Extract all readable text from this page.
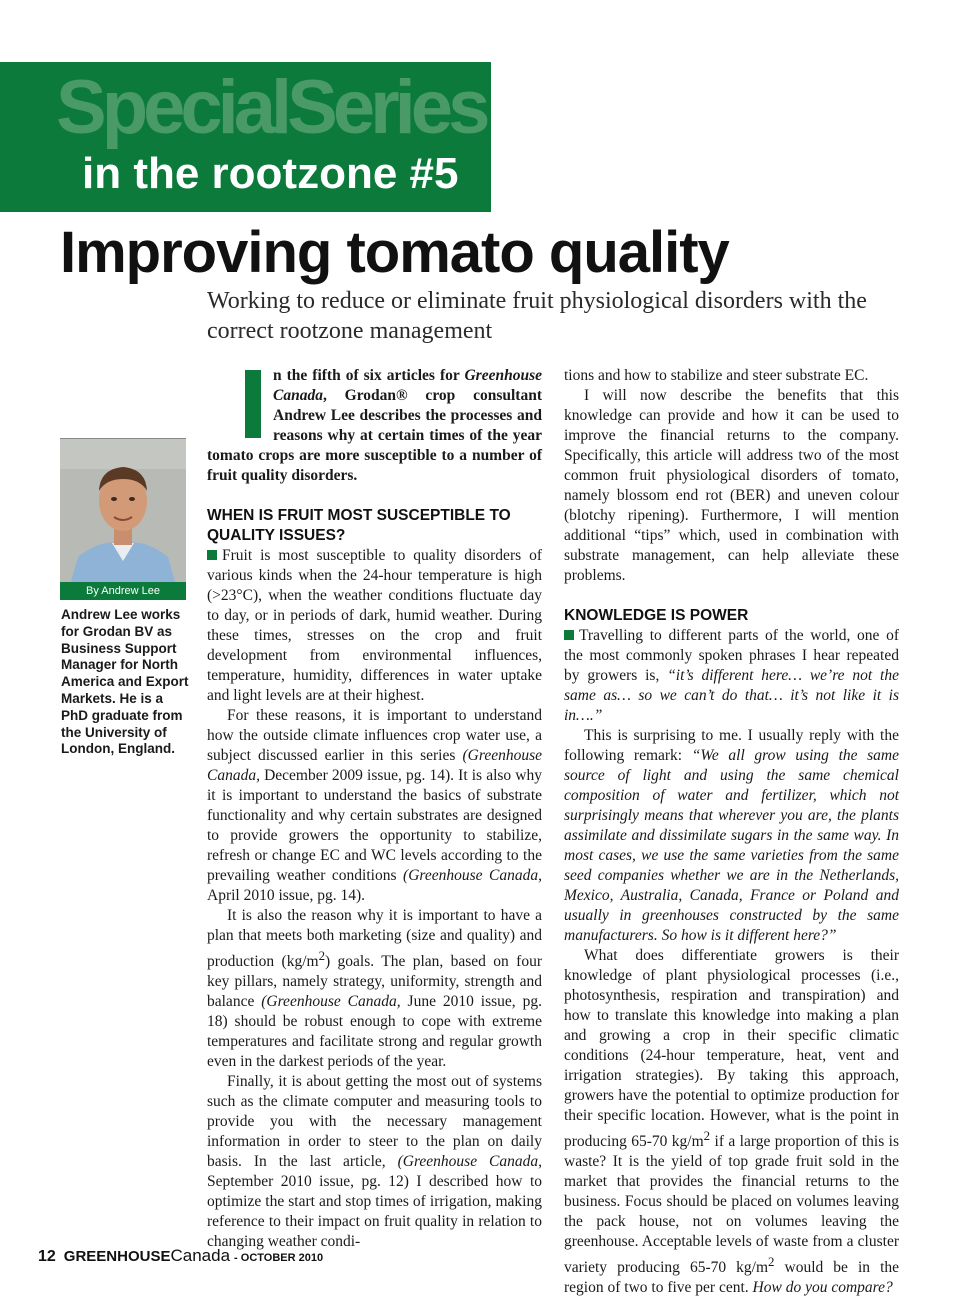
SpecialSeries
in the rootzone #5
Improving tomato quality
Working to reduce or eliminate fruit physiological disorders with the correct rootzone management
By Andrew Lee
Andrew Lee works for Grodan BV as Business Support Manager for North America and Export Markets. He is a PhD graduate from the University of London, England.

n the fifth of six articles for Greenhouse Canada, Grodan® crop consultant Andrew Lee describes the processes and reasons why at certain times of the year tomato crops are more susceptible to a number of fruit quality disorders.

WHEN IS FRUIT MOST SUSCEPTIBLE TO QUALITY ISSUES?

Fruit is most susceptible to quality disorders of various kinds when the 24-hour temperature is high (>23°C), when the weather conditions fluctuate day to day, or in periods of dark, humid weather. During these times, stresses on the crop and fruit development from environmental influences, temperature, humidity, differences in water uptake and light levels are at their highest.

For these reasons, it is important to understand how the outside climate influences crop water use, a subject discussed earlier in this series (Greenhouse Canada, December 2009 issue, pg. 14). It is also why it is important to understand the basics of substrate functionality and why certain substrates are designed to provide growers the opportunity to stabilize, refresh or change EC and WC levels according to the prevailing weather conditions (Greenhouse Canada, April 2010 issue, pg. 14).

It is also the reason why it is important to have a plan that meets both marketing (size and quality) and production $(kg/m^2)$ goals. The plan, based on four key pillars, namely strategy, uniformity, strength and balance (Greenhouse Canada, June 2010 issue, pg. 18) should be robust enough to cope with extreme temperatures and facilitate strong and regular growth even in the darkest periods of the year.

Finally, it is about getting the most out of systems such as the climate computer and measuring tools to provide you with the necessary management information in order to steer to the plan on daily basis. In the last article, (Greenhouse Canada, September 2010 issue, pg. 12) I described how to optimize the start and stop times of irrigation, making reference to their impact on fruit quality in relation to changing weather condi-

tions and how to stabilize and steer substrate EC.

I will now describe the benefits that this knowledge can provide and how it can be used to improve the financial returns to the company. Specifically, this article will address two of the most common fruit physiological disorders of tomato, namely blossom end rot (BER) and uneven colour (blotchy ripening). Furthermore, I will mention additional “tips” which, used in combination with substrate management, can help alleviate these problems.

KNOWLEDGE IS POWER

Travelling to different parts of the world, one of the most commonly spoken phrases I hear repeated by growers is, “it’s different here… we’re not the same as… so we can’t do that… it’s not like it is in….”

This is surprising to me. I usually reply with the following remark: “We all grow using the same source of light and using the same chemical composition of water and fertilizer, which not surprisingly means that wherever you are, the plants assimilate and dissimilate sugars in the same way. In most cases, we use the same varieties from the same seed companies whether we are in the Netherlands, Mexico, Australia, Canada, France or Poland and usually in greenhouses constructed by the same manufacturers. So how is it different here?”

What does differentiate growers is their knowledge of plant physiological processes (i.e., photosynthesis, respiration and transpiration) and how to translate this knowledge into making a plan and growing a crop in their specific climatic conditions (24-hour temperature, heat, vent and irrigation strategies). By taking this approach, growers have the potential to optimize production for their specific location. However, what is the point in producing 65-70 $kg/m^2$ if a large proportion of this is waste? It is the yield of top grade fruit sold in the market that provides the financial returns to the business. Focus should be placed on volumes leaving the pack house, not on volumes leaving the greenhouse. Acceptable levels of waste from a cluster variety producing 65-70 $kg/m^2$ would be in the region of two to five per cent. How do you compare?

12 GREENHOUSECanada - OCTOBER 2010
